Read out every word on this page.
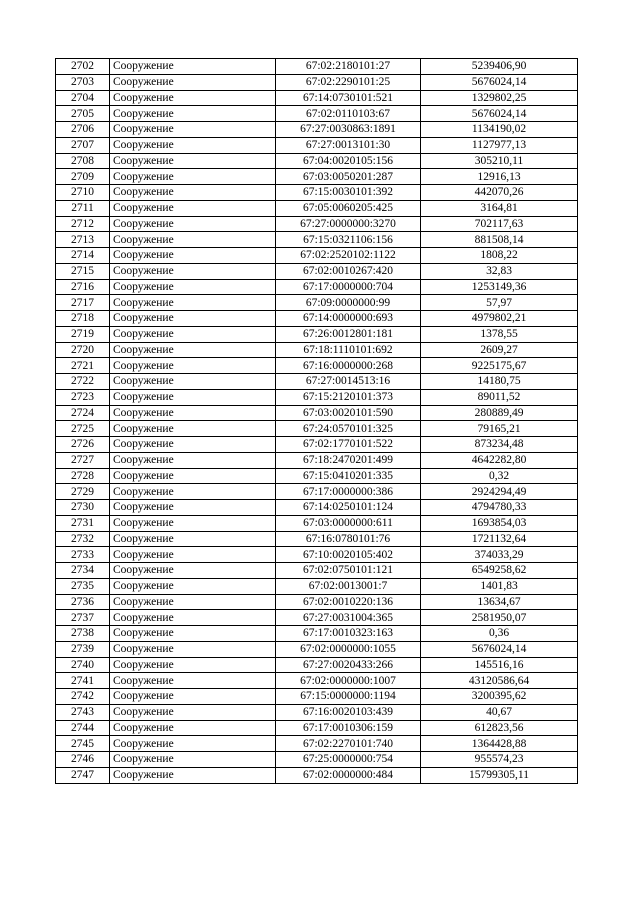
2702	Сооружение	67:02:2180101:27	5239406,90
2703	Сооружение	67:02:2290101:25	5676024,14
2704	Сооружение	67:14:0730101:521	1329802,25
2705	Сооружение	67:02:0110103:67	5676024,14
2706	Сооружение	67:27:0030863:1891	1134190,02
2707	Сооружение	67:27:0013101:30	1127977,13
2708	Сооружение	67:04:0020105:156	305210,11
2709	Сооружение	67:03:0050201:287	12916,13
2710	Сооружение	67:15:0030101:392	442070,26
2711	Сооружение	67:05:0060205:425	3164,81
2712	Сооружение	67:27:0000000:3270	702117,63
2713	Сооружение	67:15:0321106:156	881508,14
2714	Сооружение	67:02:2520102:1122	1808,22
2715	Сооружение	67:02:0010267:420	32,83
2716	Сооружение	67:17:0000000:704	1253149,36
2717	Сооружение	67:09:0000000:99	57,97
2718	Сооружение	67:14:0000000:693	4979802,21
2719	Сооружение	67:26:0012801:181	1378,55
2720	Сооружение	67:18:1110101:692	2609,27
2721	Сооружение	67:16:0000000:268	9225175,67
2722	Сооружение	67:27:0014513:16	14180,75
2723	Сооружение	67:15:2120101:373	89011,52
2724	Сооружение	67:03:0020101:590	280889,49
2725	Сооружение	67:24:0570101:325	79165,21
2726	Сооружение	67:02:1770101:522	873234,48
2727	Сооружение	67:18:2470201:499	4642282,80
2728	Сооружение	67:15:0410201:335	0,32
2729	Сооружение	67:17:0000000:386	2924294,49
2730	Сооружение	67:14:0250101:124	4794780,33
2731	Сооружение	67:03:0000000:611	1693854,03
2732	Сооружение	67:16:0780101:76	1721132,64
2733	Сооружение	67:10:0020105:402	374033,29
2734	Сооружение	67:02:0750101:121	6549258,62
2735	Сооружение	67:02:0013001:7	1401,83
2736	Сооружение	67:02:0010220:136	13634,67
2737	Сооружение	67:27:0031004:365	2581950,07
2738	Сооружение	67:17:0010323:163	0,36
2739	Сооружение	67:02:0000000:1055	5676024,14
2740	Сооружение	67:27:0020433:266	145516,16
2741	Сооружение	67:02:0000000:1007	43120586,64
2742	Сооружение	67:15:0000000:1194	3200395,62
2743	Сооружение	67:16:0020103:439	40,67
2744	Сооружение	67:17:0010306:159	612823,56
2745	Сооружение	67:02:2270101:740	1364428,88
2746	Сооружение	67:25:0000000:754	955574,23
2747	Сооружение	67:02:0000000:484	15799305,11
